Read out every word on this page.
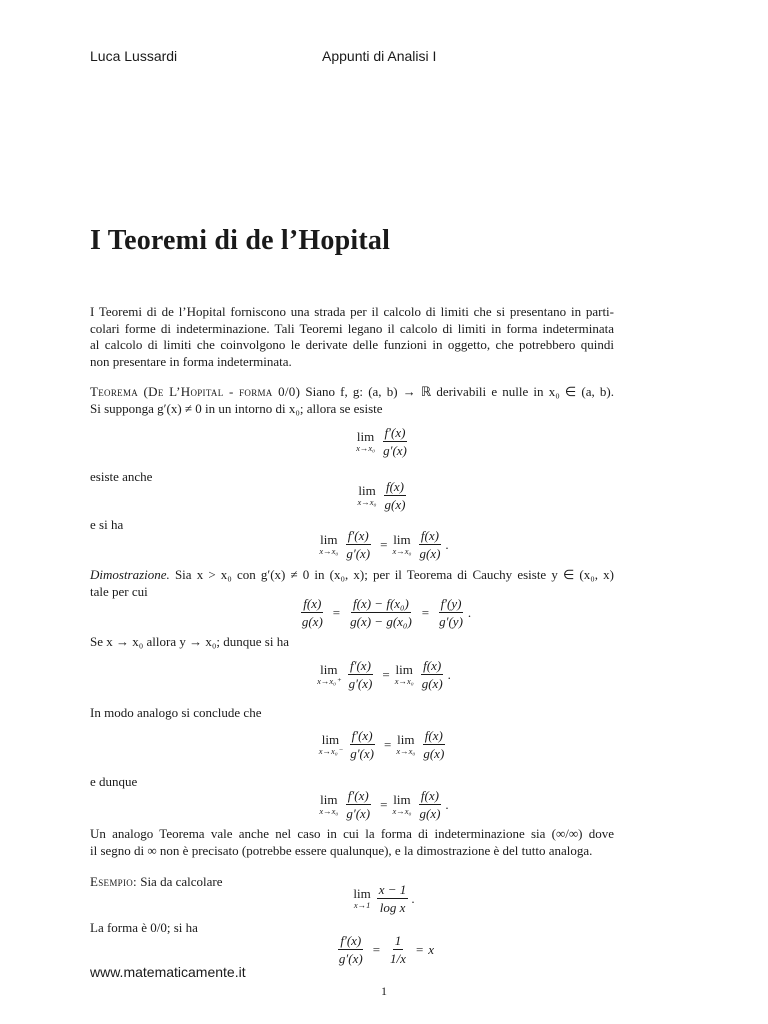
Luca Lussardi	Appunti di Analisi I
I Teoremi di de l’Hopital
I Teoremi di de l’Hopital forniscono una strada per il calcolo di limiti che si presentano in parti-
colari forme di indeterminazione. Tali Teoremi legano il calcolo di limiti in forma indeterminata
al calcolo di limiti che coinvolgono le derivate delle funzioni in oggetto, che potrebbero quindi
non presentare in forma indeterminata.
Teorema (De L’Hopital - forma 0/0) Siano f, g: (a, b) → ℝ derivabili e nulle in x₀ ∈ (a, b).
Si supponga g′(x) ≠ 0 in un intorno di x₀; allora se esiste
lim
$x\to x_0 \frac{f'(x)}{g'(x)}$
esiste anche
lim
$x\to x_0 \frac{f(x)}{g(x)}$
e si ha
lim
$x\to x_0 \frac{f'(x)}{g'(x)} = \lim$
$x\to x_0 \frac{f(x)}{g(x)}$ .
Dimostrazione. Sia x > x₀ con g′(x) ≠ 0 in (x₀, x); per il Teorema di Cauchy esiste y ∈ (x₀, x)
tale per cui
$\frac{f(x)}{g(x)} = \frac{\text{f(x) − f(x₀)}}{\text{g(x) − g(x₀)}} = \frac{f'(y)}{g'(y)}$ .
Se x → x₀ allora y → x₀; dunque si ha
lim
$x\to x_0^+ \frac{f'(x)}{g'(x)} = \lim$
$x\to x_0 \frac{f(x)}{g(x)}$ .
In modo analogo si conclude che
lim
$x\to x_0^- \frac{f'(x)}{g'(x)} = \lim$
$x\to x_0 \frac{f(x)}{g(x)}$
e dunque
lim
$x\to x_0 \frac{f'(x)}{g'(x)} = \lim$
$x\to x_0 \frac{f(x)}{g(x)}$ .
Un analogo Teorema vale anche nel caso in cui la forma di indeterminazione sia (∞/∞) dove
il segno di ∞ non è precisato (potrebbe essere qualunque), e la dimostrazione è del tutto analoga.
Esempio: Sia da calcolare
lim
$x\to 1 \frac{x - 1}{\text{log x}}$ .
La forma è 0/0; si ha
$\frac{f'(x)}{g'(x)} = \frac{1}{1/x} = x$
www.matematicamente.it
1
